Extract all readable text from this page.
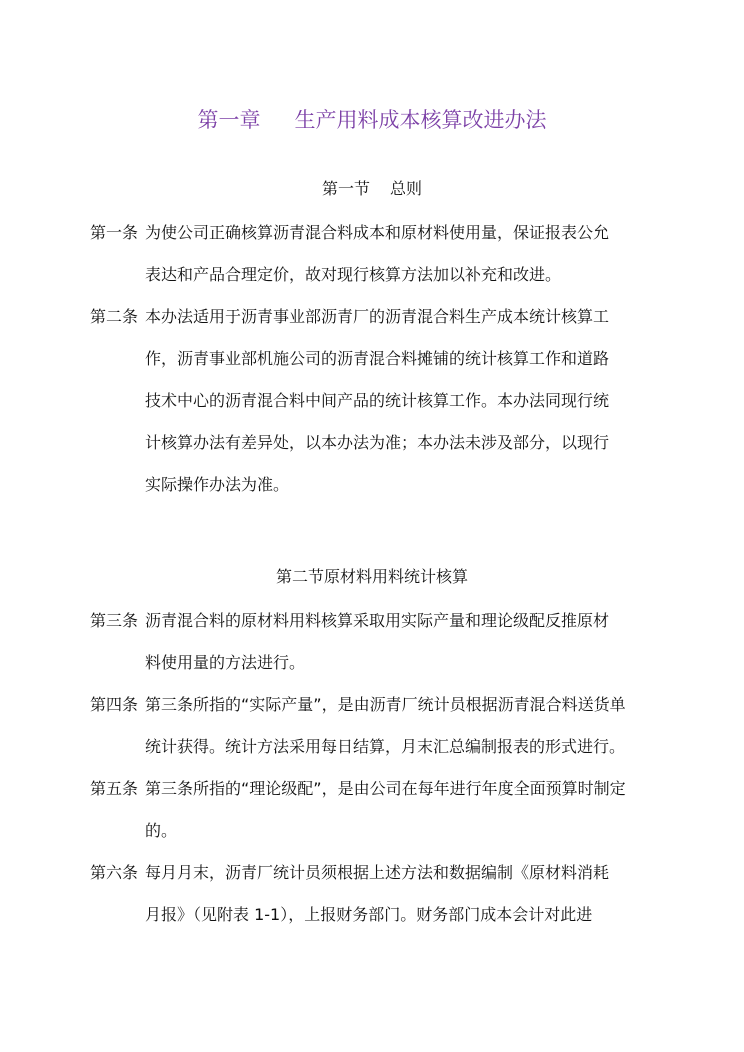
第一章 生产用料成本核算改进办法
第一节 总则
第一条 为使公司正确核算沥青混合料成本和原材料使用量，保证报表公允
表达和产品合理定价，故对现行核算方法加以补充和改进。
第二条 本办法适用于沥青事业部沥青厂的沥青混合料生产成本统计核算工
作，沥青事业部机施公司的沥青混合料摊铺的统计核算工作和道路
技术中心的沥青混合料中间产品的统计核算工作。本办法同现行统
计核算办法有差异处，以本办法为准；本办法未涉及部分，以现行
实际操作办法为准。
第二节原材料用料统计核算
第三条 沥青混合料的原材料用料核算采取用实际产量和理论级配反推原材
料使用量的方法进行。
第四条 第三条所指的“实际产量”，是由沥青厂统计员根据沥青混合料送货单
统计获得。统计方法采用每日结算，月末汇总编制报表的形式进行。
第五条 第三条所指的“理论级配”，是由公司在每年进行年度全面预算时制定
的。
第六条 每月月末，沥青厂统计员须根据上述方法和数据编制《原材料消耗
月报》（见附表 1-1），上报财务部门。财务部门成本会计对此进
